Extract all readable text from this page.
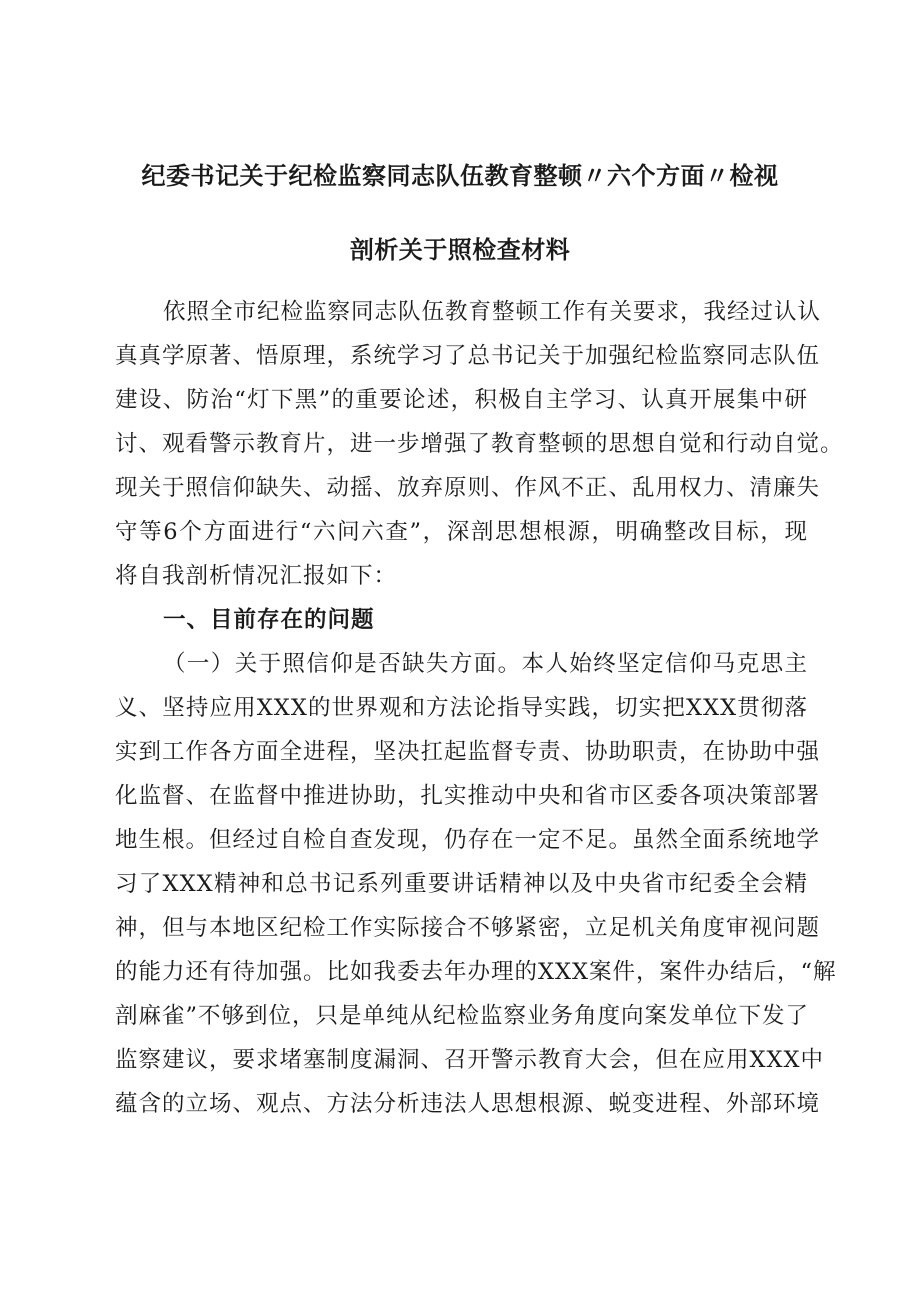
纪委书记关于纪检监察同志队伍教育整顿〃六个方面〃检视
剖析关于照检查材料

依照全市纪检监察同志队伍教育整顿工作有关要求，我经过认认

真真学原著、悟原理，系统学习了总书记关于加强纪检监察同志队伍

建设、防治“灯下黑”的重要论述，积极自主学习、认真开展集中研

讨、观看警示教育片，进一步增强了教育整顿的思想自觉和行动自觉。

现关于照信仰缺失、动摇、放弃原则、作风不正、乱用权力、清廉失

守等6个方面进行“六问六查”，深剖思想根源，明确整改目标，现

将自我剖析情况汇报如下：

一、目前存在的问题

（一）关于照信仰是否缺失方面。本人始终坚定信仰马克思主

义、坚持应用XXX的世界观和方法论指导实践，切实把XXX贯彻落

实到工作各方面全进程，坚决扛起监督专责、协助职责，在协助中强

化监督、在监督中推进协助，扎实推动中央和省市区委各项决策部署

地生根。但经过自检自查发现，仍存在一定不足。虽然全面系统地学

习了XXX精神和总书记系列重要讲话精神以及中央省市纪委全会精

神，但与本地区纪检工作实际接合不够紧密，立足机关角度审视问题

的能力还有待加强。比如我委去年办理的XXX案件，案件办结后，“解

剖麻雀”不够到位，只是单纯从纪检监察业务角度向案发单位下发了

监察建议，要求堵塞制度漏洞、召开警示教育大会，但在应用XXX中

蕴含的立场、观点、方法分析违法人思想根源、蜕变进程、外部环境
